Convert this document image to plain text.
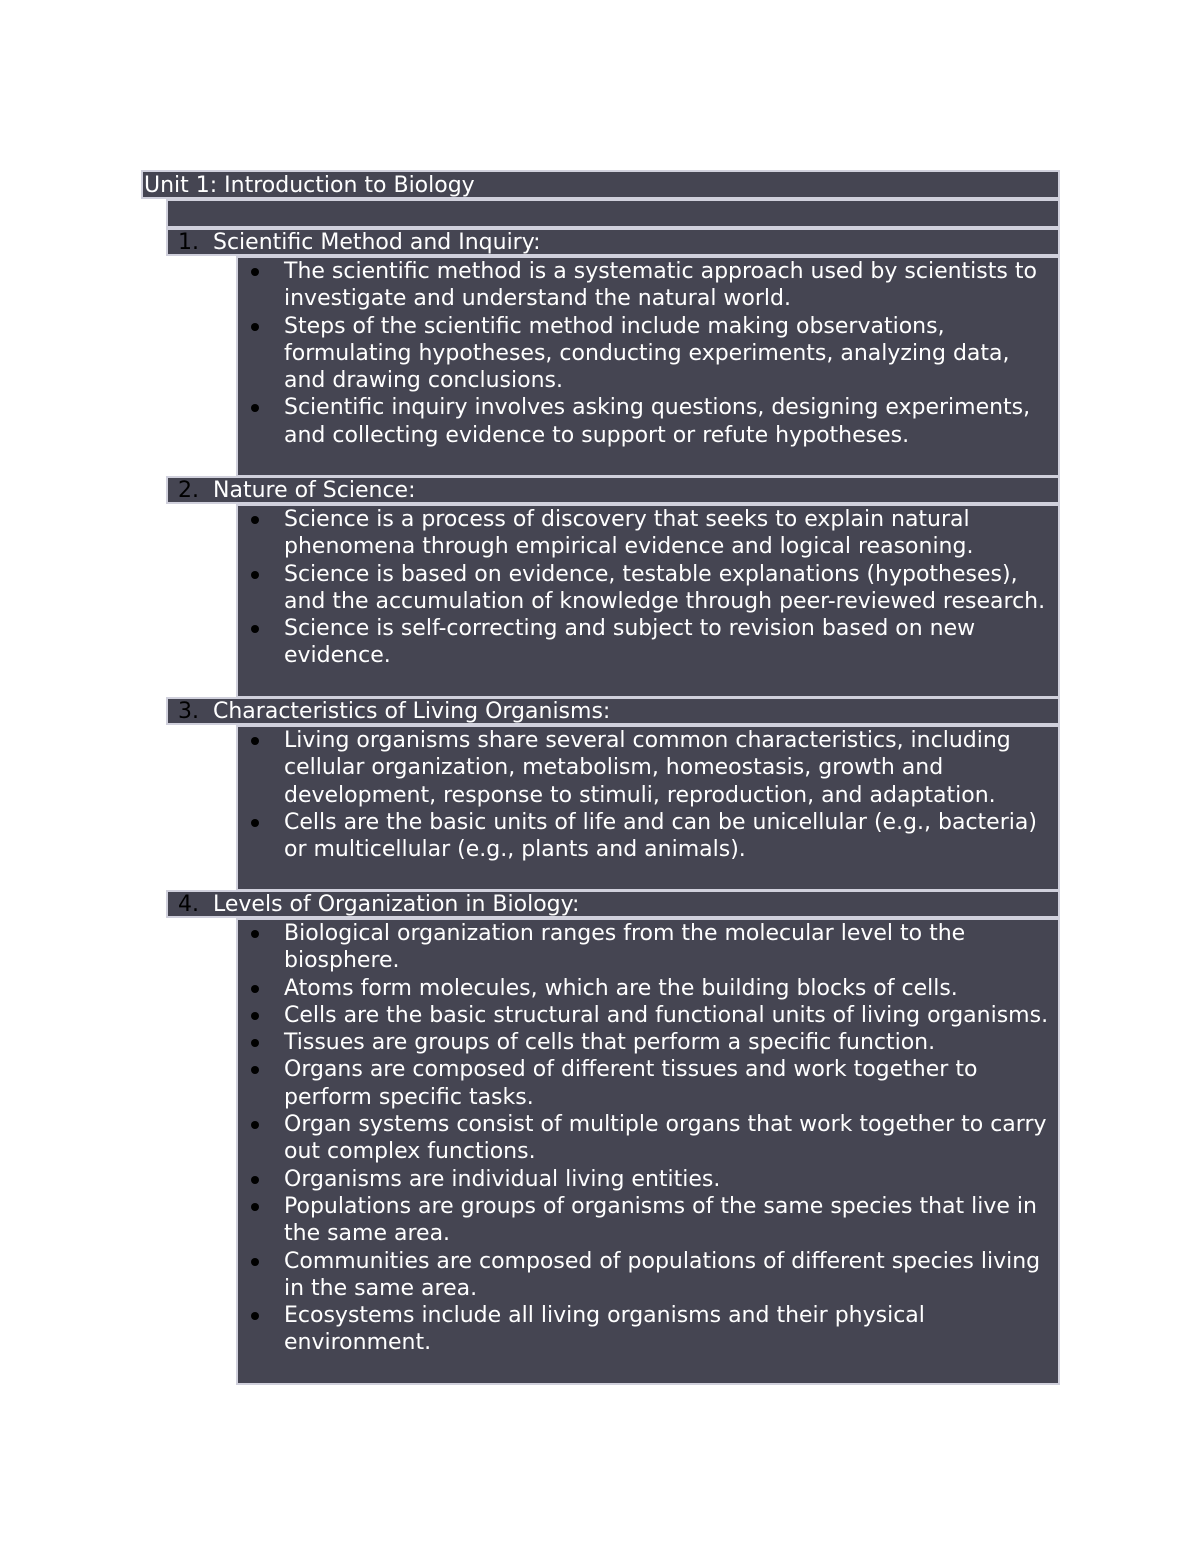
Unit 1: Introduction to Biology
1. Scientific Method and Inquiry:
The scientific method is a systematic approach used by scientists to investigate and understand the natural world.
Steps of the scientific method include making observations, formulating hypotheses, conducting experiments, analyzing data, and drawing conclusions.
Scientific inquiry involves asking questions, designing experiments, and collecting evidence to support or refute hypotheses.
2. Nature of Science:
Science is a process of discovery that seeks to explain natural phenomena through empirical evidence and logical reasoning.
Science is based on evidence, testable explanations (hypotheses), and the accumulation of knowledge through peer-reviewed research.
Science is self-correcting and subject to revision based on new evidence.
3. Characteristics of Living Organisms:
Living organisms share several common characteristics, including cellular organization, metabolism, homeostasis, growth and development, response to stimuli, reproduction, and adaptation.
Cells are the basic units of life and can be unicellular (e.g., bacteria) or multicellular (e.g., plants and animals).
4. Levels of Organization in Biology:
Biological organization ranges from the molecular level to the biosphere.
Atoms form molecules, which are the building blocks of cells.
Cells are the basic structural and functional units of living organisms.
Tissues are groups of cells that perform a specific function.
Organs are composed of different tissues and work together to perform specific tasks.
Organ systems consist of multiple organs that work together to carry out complex functions.
Organisms are individual living entities.
Populations are groups of organisms of the same species that live in the same area.
Communities are composed of populations of different species living in the same area.
Ecosystems include all living organisms and their physical environment.
